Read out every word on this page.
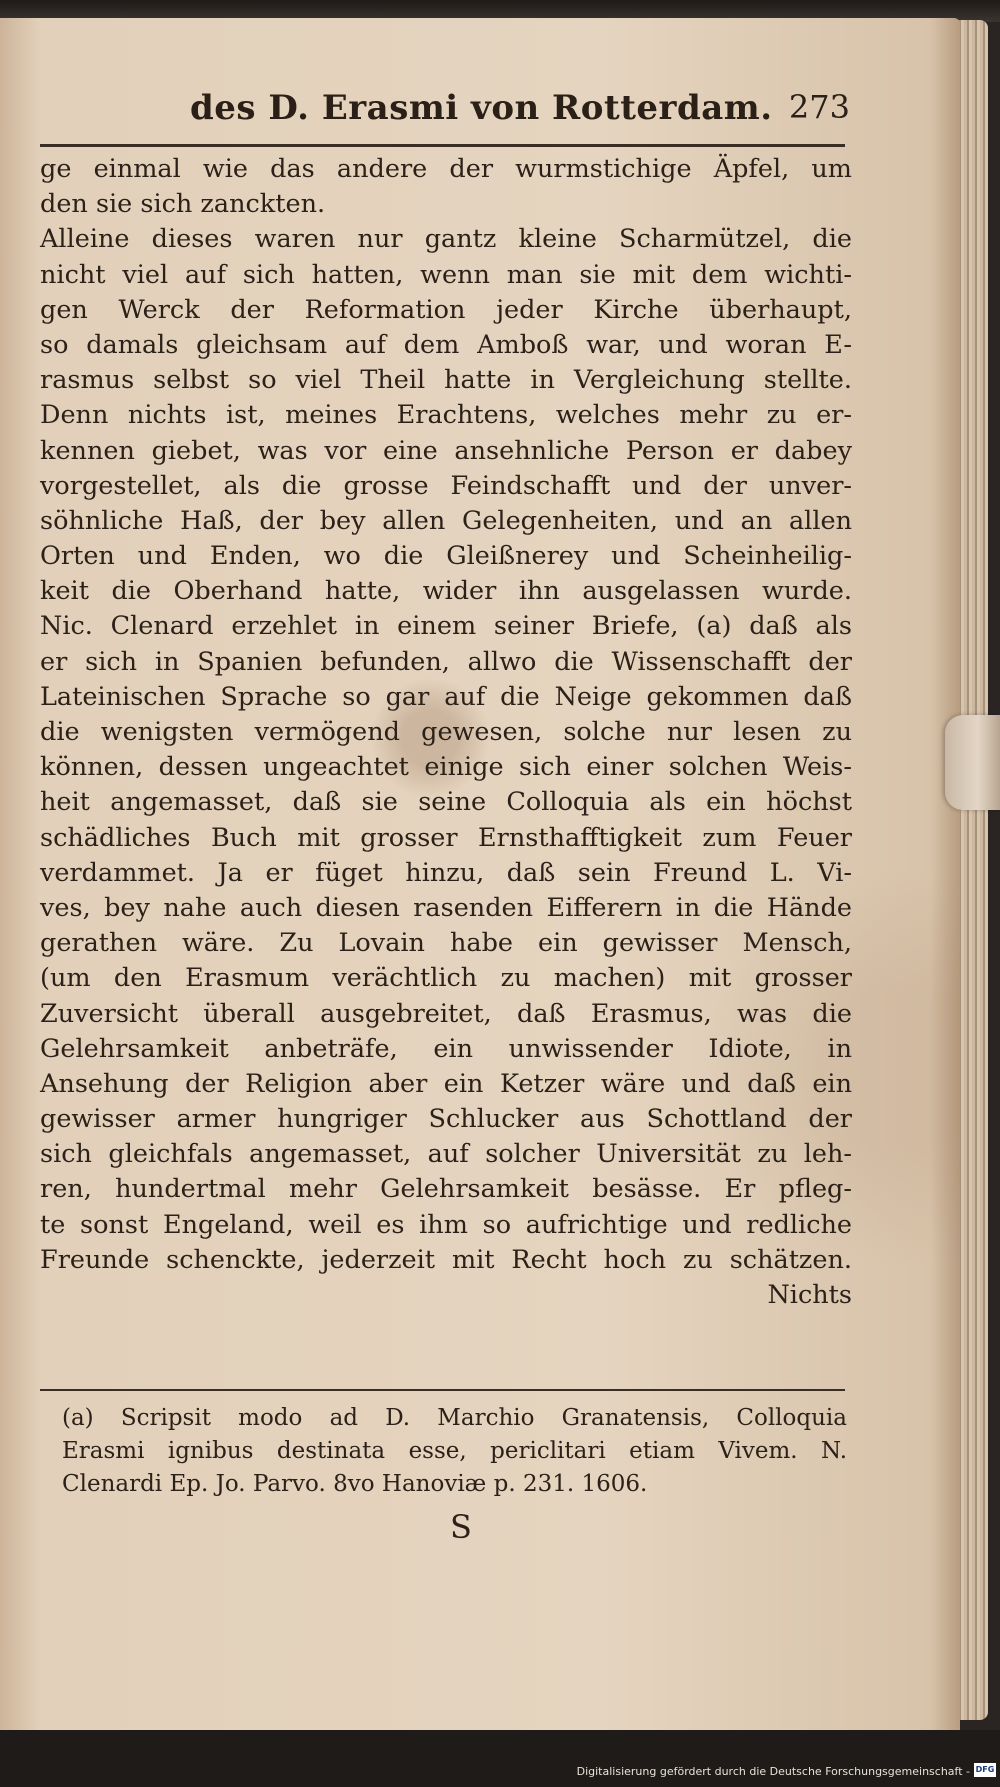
des D. Erasmi von Rotterdam. 273
ge einmal wie das andere der wurmstichige Äpfel, um
den sie sich zanckten.
Alleine dieses waren nur gantz kleine Scharmützel, die
nicht viel auf sich hatten, wenn man sie mit dem wichti-
gen Werck der Reformation jeder Kirche überhaupt,
so damals gleichsam auf dem Amboß war, und woran E-
rasmus selbst so viel Theil hatte in Vergleichung stellte.
Denn nichts ist, meines Erachtens, welches mehr zu er-
kennen giebet, was vor eine ansehnliche Person er dabey
vorgestellet, als die grosse Feindschafft und der unver-
söhnliche Haß, der bey allen Gelegenheiten, und an allen
Orten und Enden, wo die Gleißnerey und Scheinheilig-
keit die Oberhand hatte, wider ihn ausgelassen wurde.
Nic. Clenard erzehlet in einem seiner Briefe, (a) daß als
er sich in Spanien befunden, allwo die Wissenschafft der
Lateinischen Sprache so gar auf die Neige gekommen daß
die wenigsten vermögend gewesen, solche nur lesen zu
können, dessen ungeachtet einige sich einer solchen Weis-
heit angemasset, daß sie seine Colloquia als ein höchst
schädliches Buch mit grosser Ernsthafftigkeit zum Feuer
verdammet. Ja er füget hinzu, daß sein Freund L. Vi-
ves, bey nahe auch diesen rasenden Eifferern in die Hände
gerathen wäre. Zu Lovain habe ein gewisser Mensch,
(um den Erasmum verächtlich zu machen) mit grosser
Zuversicht überall ausgebreitet, daß Erasmus, was die
Gelehrsamkeit anbeträfe, ein unwissender Idiote, in
Ansehung der Religion aber ein Ketzer wäre und daß ein
gewisser armer hungriger Schlucker aus Schottland der
sich gleichfals angemasset, auf solcher Universität zu leh-
ren, hundertmal mehr Gelehrsamkeit besässe. Er pfleg-
te sonst Engeland, weil es ihm so aufrichtige und redliche
Freunde schenckte, jederzeit mit Recht hoch zu schätzen.
Nichts
(a) Scripsit modo ad D. Marchio Granatensis, Colloquia
Erasmi ignibus destinata esse, periclitari etiam Vivem. N.
Clenardi Ep. Jo. Parvo. 8vo Hanoviæ p. 231. 1606.
S
Digitalisierung gefördert durch die Deutsche Forschungsgemeinschaft - DFG
